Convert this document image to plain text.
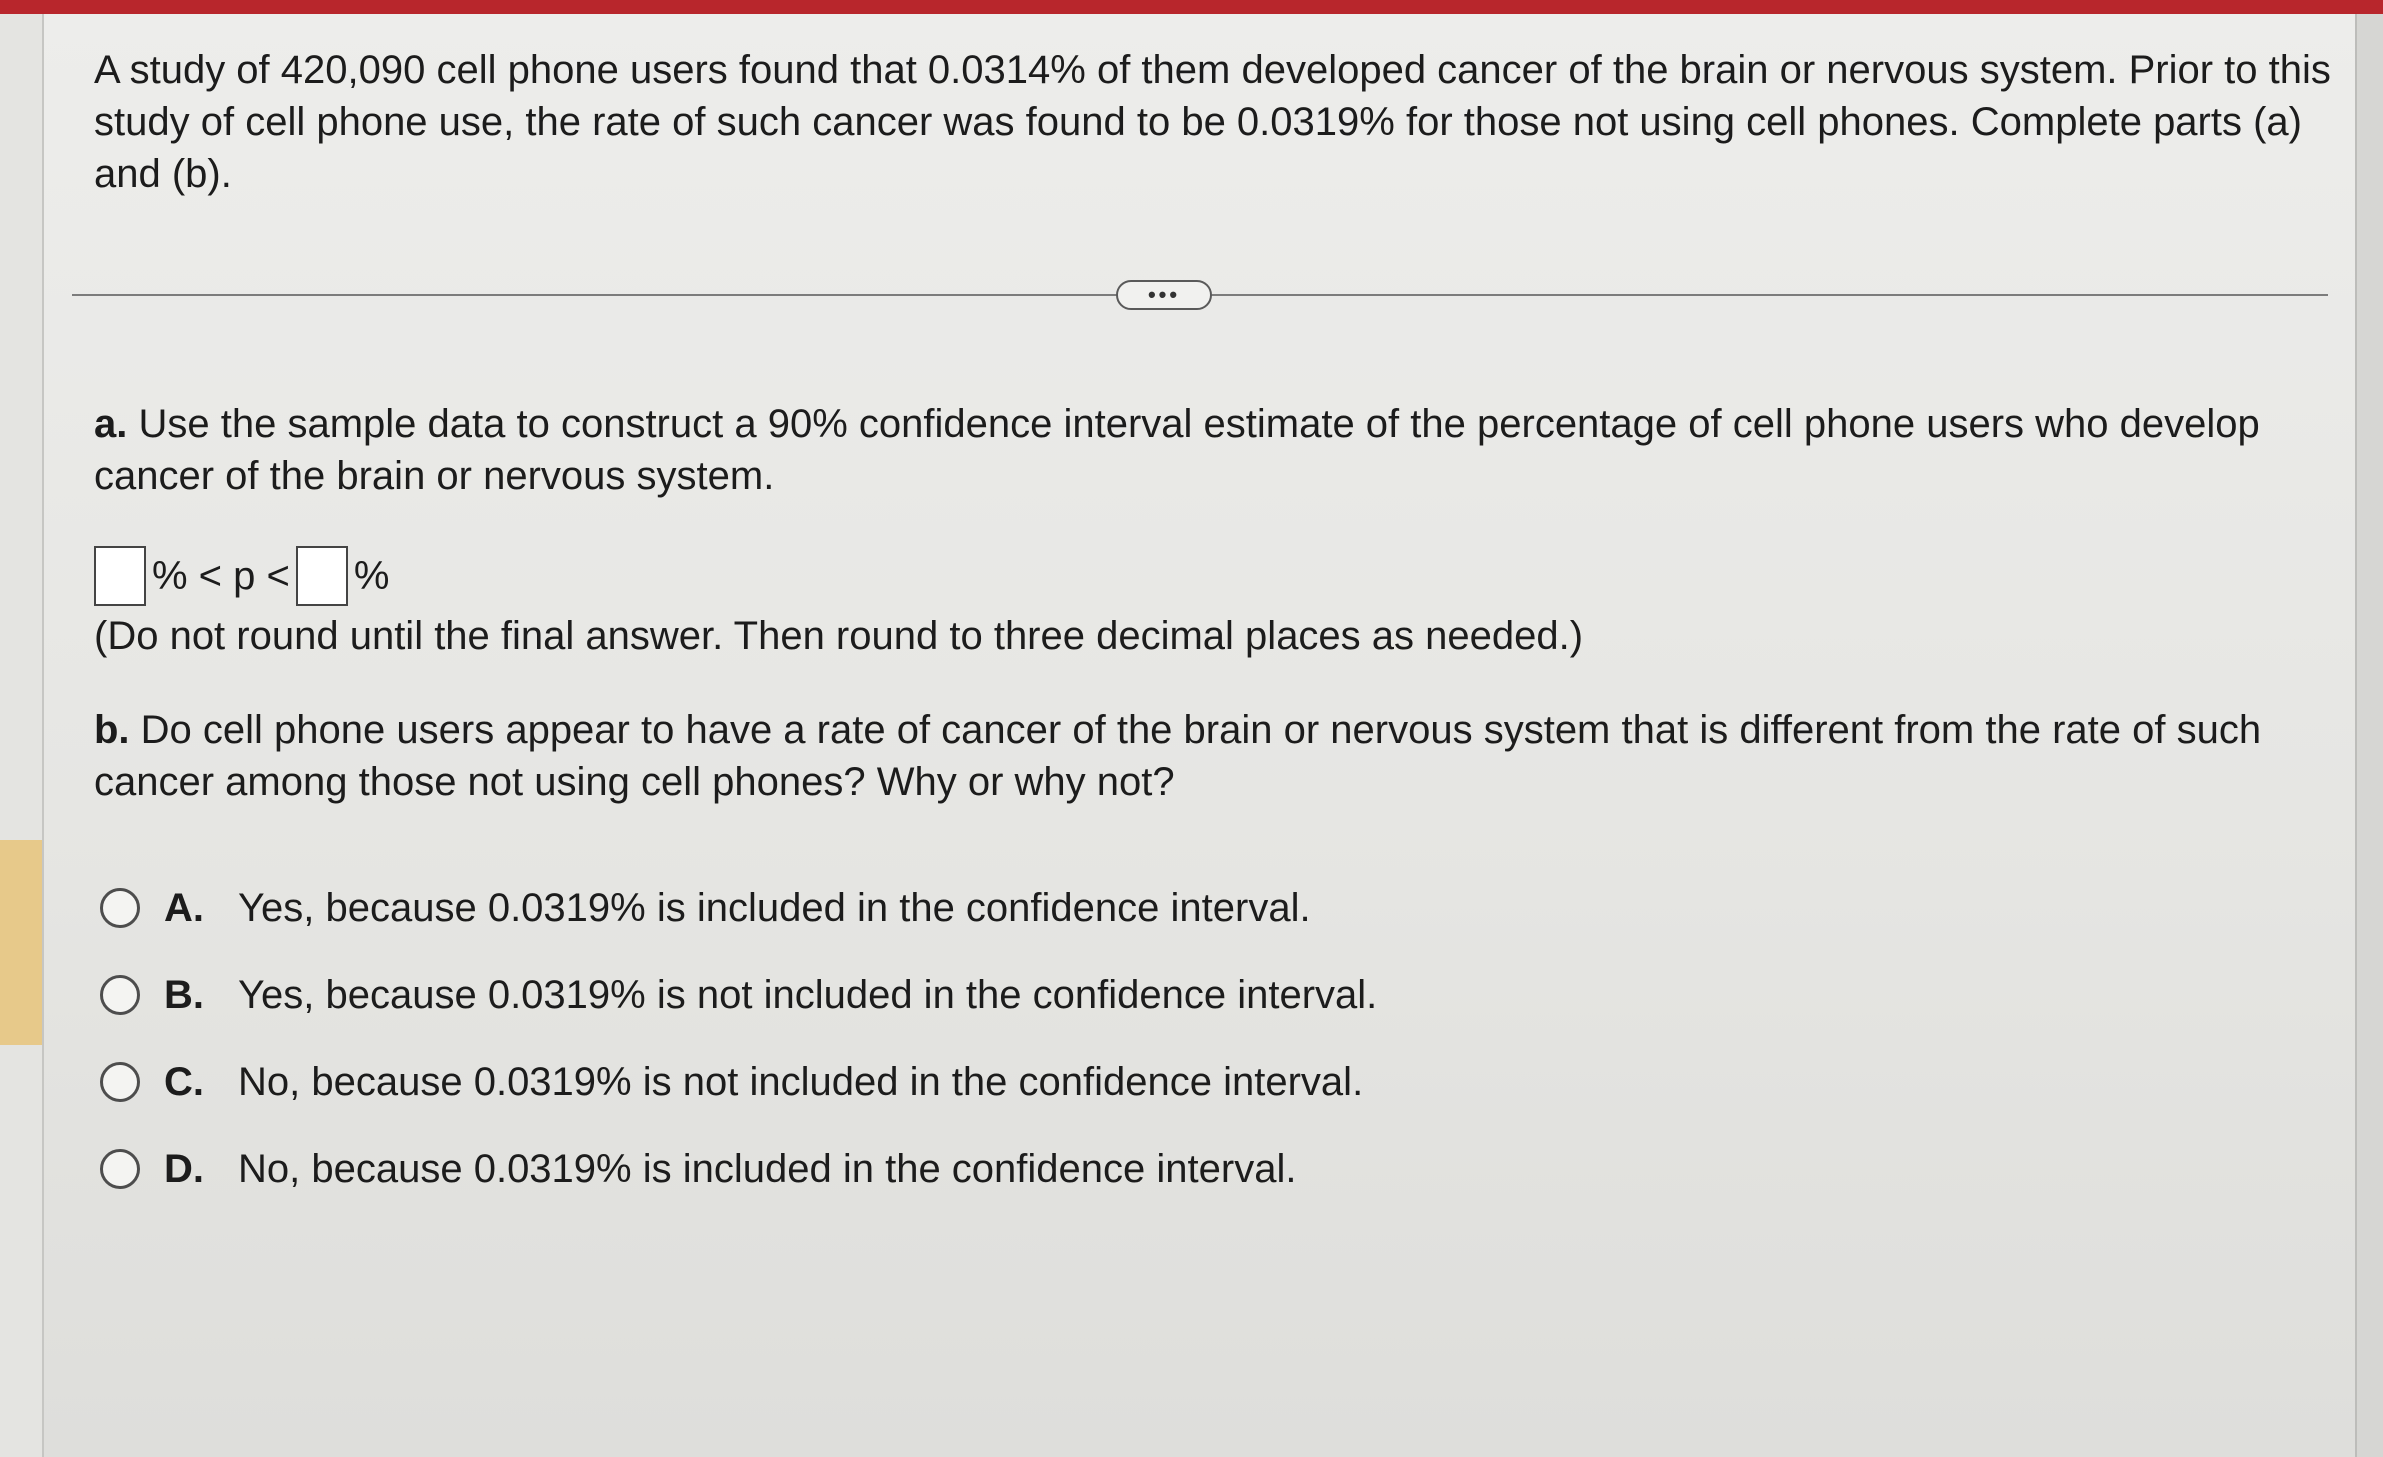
A study of 420,090 cell phone users found that 0.0314% of them developed cancer of the brain or nervous system. Prior to this study of cell phone use, the rate of such cancer was found to be 0.0319% for those not using cell phones. Complete parts (a) and (b).

•••
a. Use the sample data to construct a 90% confidence interval estimate of the percentage of cell phone users who develop cancer of the brain or nervous system.
% < p < %
(Do not round until the final answer. Then round to three decimal places as needed.)
b. Do cell phone users appear to have a rate of cancer of the brain or nervous system that is different from the rate of such cancer among those not using cell phones? Why or why not?
A. Yes, because 0.0319% is included in the confidence interval.
B. Yes, because 0.0319% is not included in the confidence interval.
C. No, because 0.0319% is not included in the confidence interval.
D. No, because 0.0319% is included in the confidence interval.
